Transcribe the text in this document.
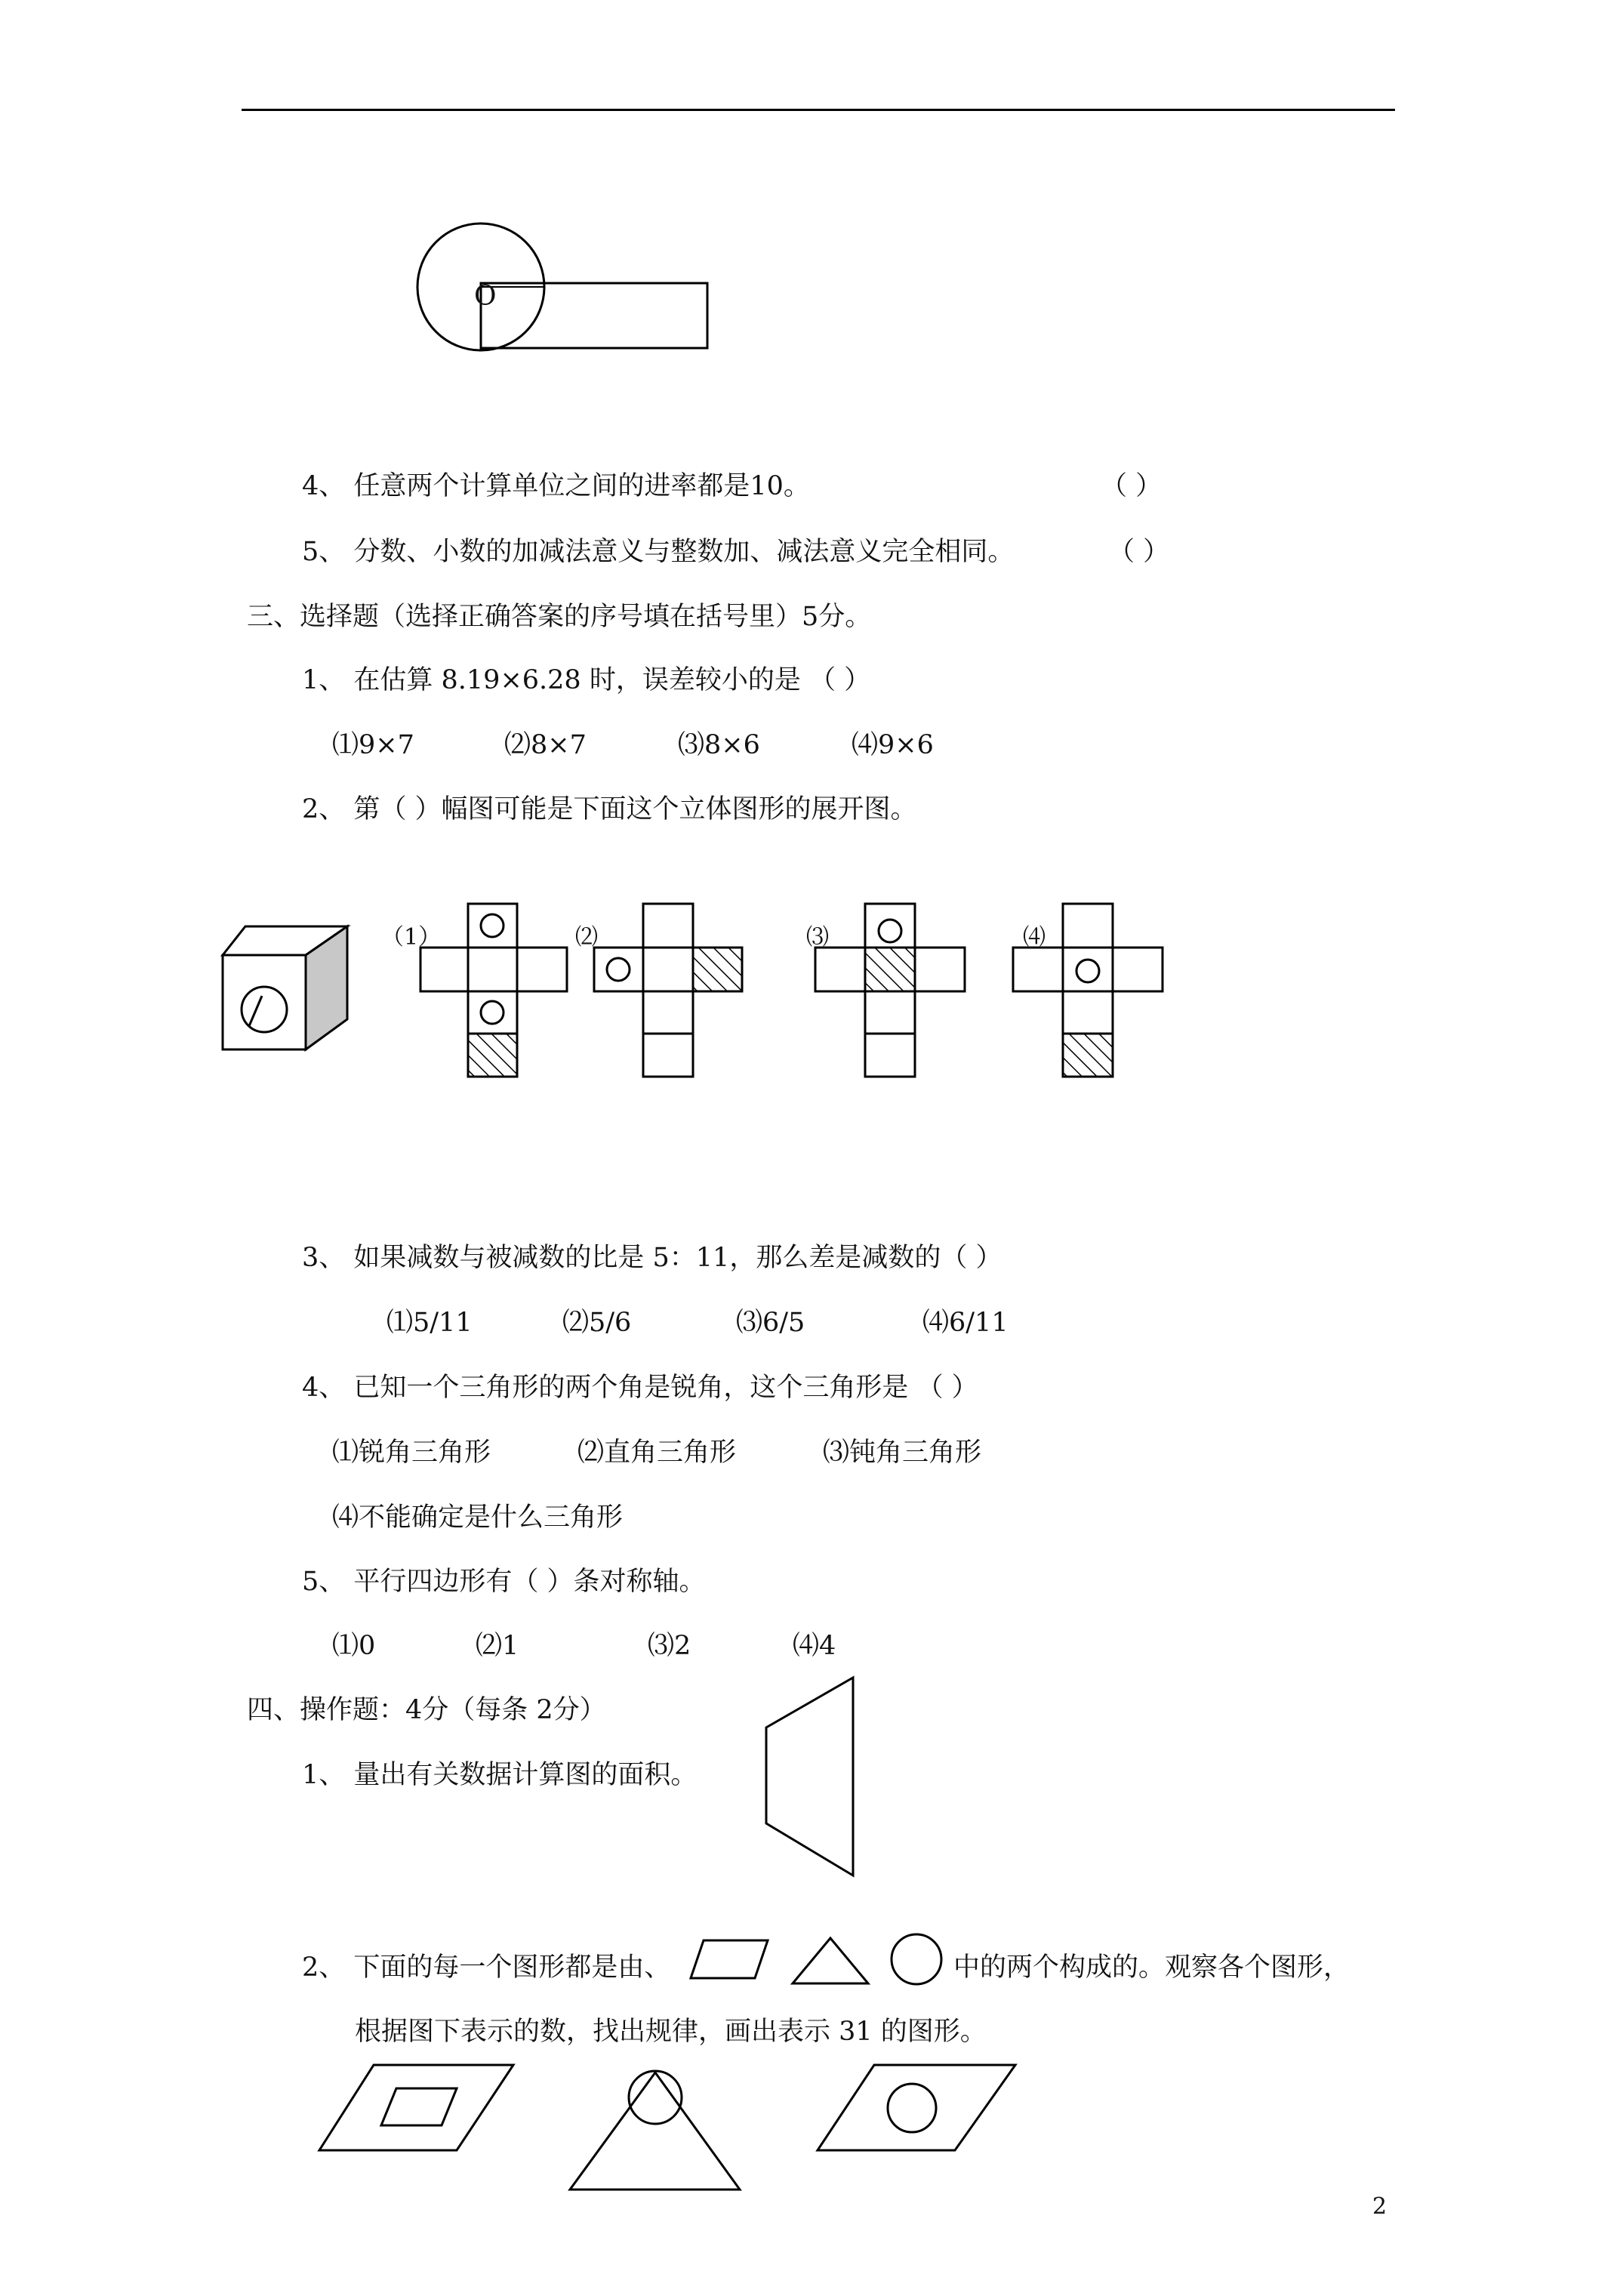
O
4、 任意两个计算单位之间的进率都是10。	（ ）
5、 分数、小数的加减法意义与整数加、减法意义完全相同。	（ ）
三、选择题（选择正确答案的序号填在括号里）5分。
1、 在估算 8.19×6.28 时，误差较小的是 （ ）
⑴9×7	⑵8×7	⑶8×6	⑷9×6
2、 第（ ）幅图可能是下面这个立体图形的展开图。
（1）	⑵	⑶	⑷
3、 如果减数与被减数的比是 5：11，那么差是减数的（ ）
⑴5/11	⑵5/6	⑶6/5	⑷6/11
4、 已知一个三角形的两个角是锐角，这个三角形是 （ ）
⑴锐角三角形	⑵直角三角形	⑶钝角三角形
⑷不能确定是什么三角形
5、 平行四边形有（ ）条对称轴。
⑴0	⑵1	⑶2	⑷4
四、操作题：4分（每条 2分）
1、 量出有关数据计算图的面积。
2、 下面的每一个图形都是由、	中的两个构成的。观察各个图形，
根据图下表示的数，找出规律，画出表示 31 的图形。
2
